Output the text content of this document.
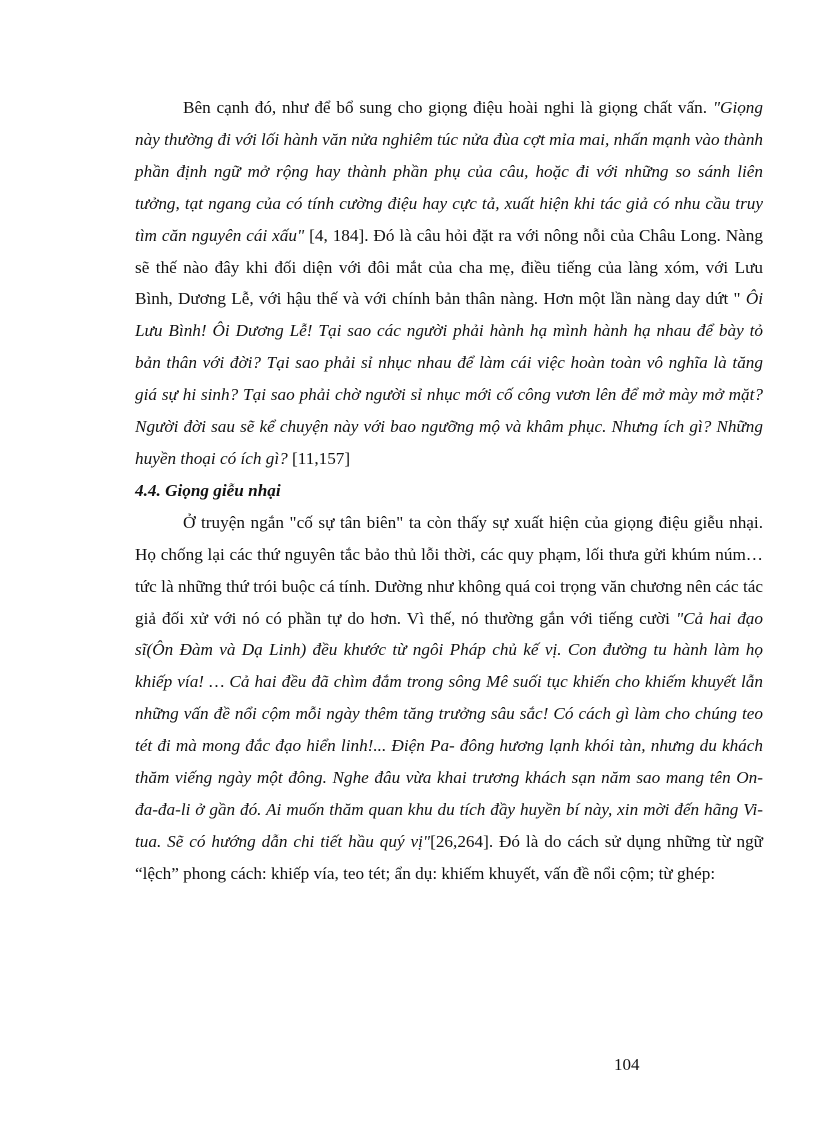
Bên cạnh đó, như để bổ sung cho giọng điệu hoài nghi là giọng chất vấn. "Giọng này thường đi với lối hành văn nửa nghiêm túc nửa đùa cợt mỉa mai, nhấn mạnh vào thành phần định ngữ mở rộng hay thành phần phụ của câu, hoặc đi với những so sánh liên tưởng, tạt ngang của có tính cường điệu hay cực tả, xuất hiện khi tác giả có nhu cầu truy tìm căn nguyên cái xấu" [4, 184]. Đó là câu hỏi đặt ra với nông nỗi của Châu Long. Nàng sẽ thế nào đây khi đối diện với đôi mắt của cha mẹ, điều tiếng của làng xóm, với Lưu Bình, Dương Lễ, với hậu thế và với chính bản thân nàng. Hơn một lần nàng day dứt " Ôi Lưu Bình! Ôi Dương Lễ! Tại sao các người phải hành hạ mình hành hạ nhau để bày tỏ bản thân với đời? Tại sao phải sỉ nhục nhau để làm cái việc hoàn toàn vô nghĩa là tăng giá sự hi sinh? Tại sao phải chờ người sỉ nhục mới cố công vươn lên để mở mày mở mặt?Người đời sau sẽ kể chuyện này với bao ngưỡng mộ và khâm phục. Nhưng ích gì? Những huyền thoại có ích gì? [11,157]

4.4. Giọng giễu nhại

Ở truyện ngắn "cố sự tân biên" ta còn thấy sự xuất hiện của giọng điệu giễu nhại. Họ chống lại các thứ nguyên tắc bảo thủ lỗi thời, các quy phạm, lối thưa gửi khúm núm… tức là những thứ trói buộc cá tính. Dường như không quá coi trọng văn chương nên các tác giả đối xử với nó có phần tự do hơn. Vì thế, nó thường gắn với tiếng cười "Cả hai đạo sĩ(Ôn Đàm và Dạ Linh) đều khước từ ngôi Pháp chủ kế vị. Con đường tu hành làm họ khiếp vía! … Cả hai đều đã chìm đắm trong sông Mê suối tục khiến cho khiếm khuyết lẫn những vấn đề nổi cộm mỗi ngày thêm tăng trưởng sâu sắc! Có cách gì làm cho chúng teo tét đi mà mong đắc đạo hiển linh!... Điện Pa- đông hương lạnh khói tàn, nhưng du khách thăm viếng ngày một đông. Nghe đâu vừa khai trương khách sạn năm sao mang tên On- đa-đa-li ở gần đó. Ai muốn thăm quan khu du tích đầy huyền bí này, xin mời đến hãng Vi-tua. Sẽ có hướng dẫn chi tiết hầu quý vị"[26,264]. Đó là do cách sử dụng những từ ngữ “lệch” phong cách: khiếp vía, teo tét; ẩn dụ: khiếm khuyết, vấn đề nổi cộm; từ ghép:

104
